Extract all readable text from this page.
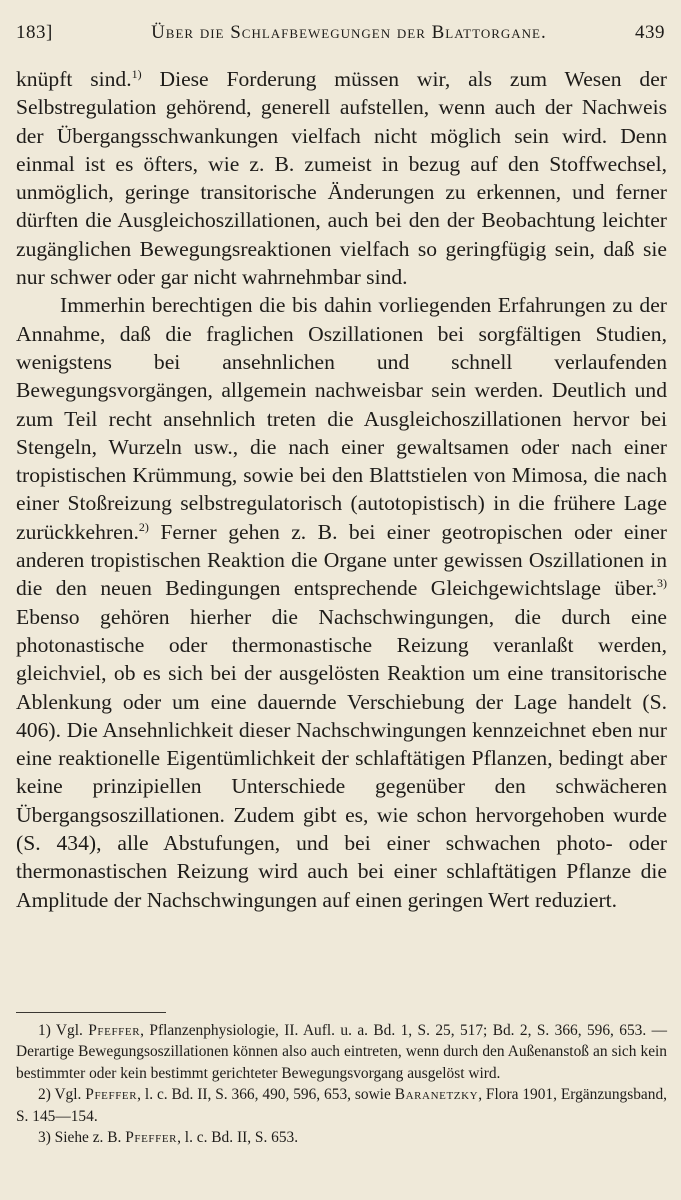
183]	Über die Schlafbewegungen der Blattorgane.	439

knüpft sind.$^{1)}$ Diese Forderung müssen wir, als zum Wesen der Selbstregulation gehörend, generell aufstellen, wenn auch der Nachweis der Übergangsschwankungen vielfach nicht möglich sein wird. Denn einmal ist es öfters, wie z. B. zumeist in bezug auf den Stoffwechsel, unmöglich, geringe transitorische Änderungen zu erkennen, und ferner dürften die Ausgleichoszillationen, auch bei den der Beobachtung leichter zugänglichen Bewegungsreaktionen vielfach so geringfügig sein, daß sie nur schwer oder gar nicht wahrnehmbar sind.

Immerhin berechtigen die bis dahin vorliegenden Erfahrungen zu der Annahme, daß die fraglichen Oszillationen bei sorgfältigen Studien, wenigstens bei ansehnlichen und schnell verlaufenden Bewegungsvorgängen, allgemein nachweisbar sein werden. Deutlich und zum Teil recht ansehnlich treten die Ausgleichoszillationen hervor bei Stengeln, Wurzeln usw., die nach einer gewaltsamen oder nach einer tropistischen Krümmung, sowie bei den Blattstielen von Mimosa, die nach einer Stoßreizung selbstregulatorisch (autotopistisch) in die frühere Lage zurückkehren.$^{2)}$ Ferner gehen z. B. bei einer geotropischen oder einer anderen tropistischen Reaktion die Organe unter gewissen Oszillationen in die den neuen Bedingungen entsprechende Gleichgewichtslage über.$^{3)}$ Ebenso gehören hierher die Nachschwingungen, die durch eine photonastische oder thermonastische Reizung veranlaßt werden, gleichviel, ob es sich bei der ausgelösten Reaktion um eine transitorische Ablenkung oder um eine dauernde Verschiebung der Lage handelt (S. 406). Die Ansehnlichkeit dieser Nachschwingungen kennzeichnet eben nur eine reaktionelle Eigentümlichkeit der schlaftätigen Pflanzen, bedingt aber keine prinzipiellen Unterschiede gegenüber den schwächeren Übergangsoszillationen. Zudem gibt es, wie schon hervorgehoben wurde (S. 434), alle Abstufungen, und bei einer schwachen photo- oder thermonastischen Reizung wird auch bei einer schlaftätigen Pflanze die Amplitude der Nachschwingungen auf einen geringen Wert reduziert.

1) Vgl. Pfeffer, Pflanzenphysiologie, II. Aufl. u. a. Bd. 1, S. 25, 517; Bd. 2, S. 366, 596, 653. — Derartige Bewegungsoszillationen können also auch eintreten, wenn durch den Außenanstoß an sich kein bestimmter oder kein bestimmt gerichteter Bewegungsvorgang ausgelöst wird.

2) Vgl. Pfeffer, l. c. Bd. II, S. 366, 490, 596, 653, sowie Baranetzky, Flora 1901, Ergänzungsband, S. 145—154.

3) Siehe z. B. Pfeffer, l. c. Bd. II, S. 653.
